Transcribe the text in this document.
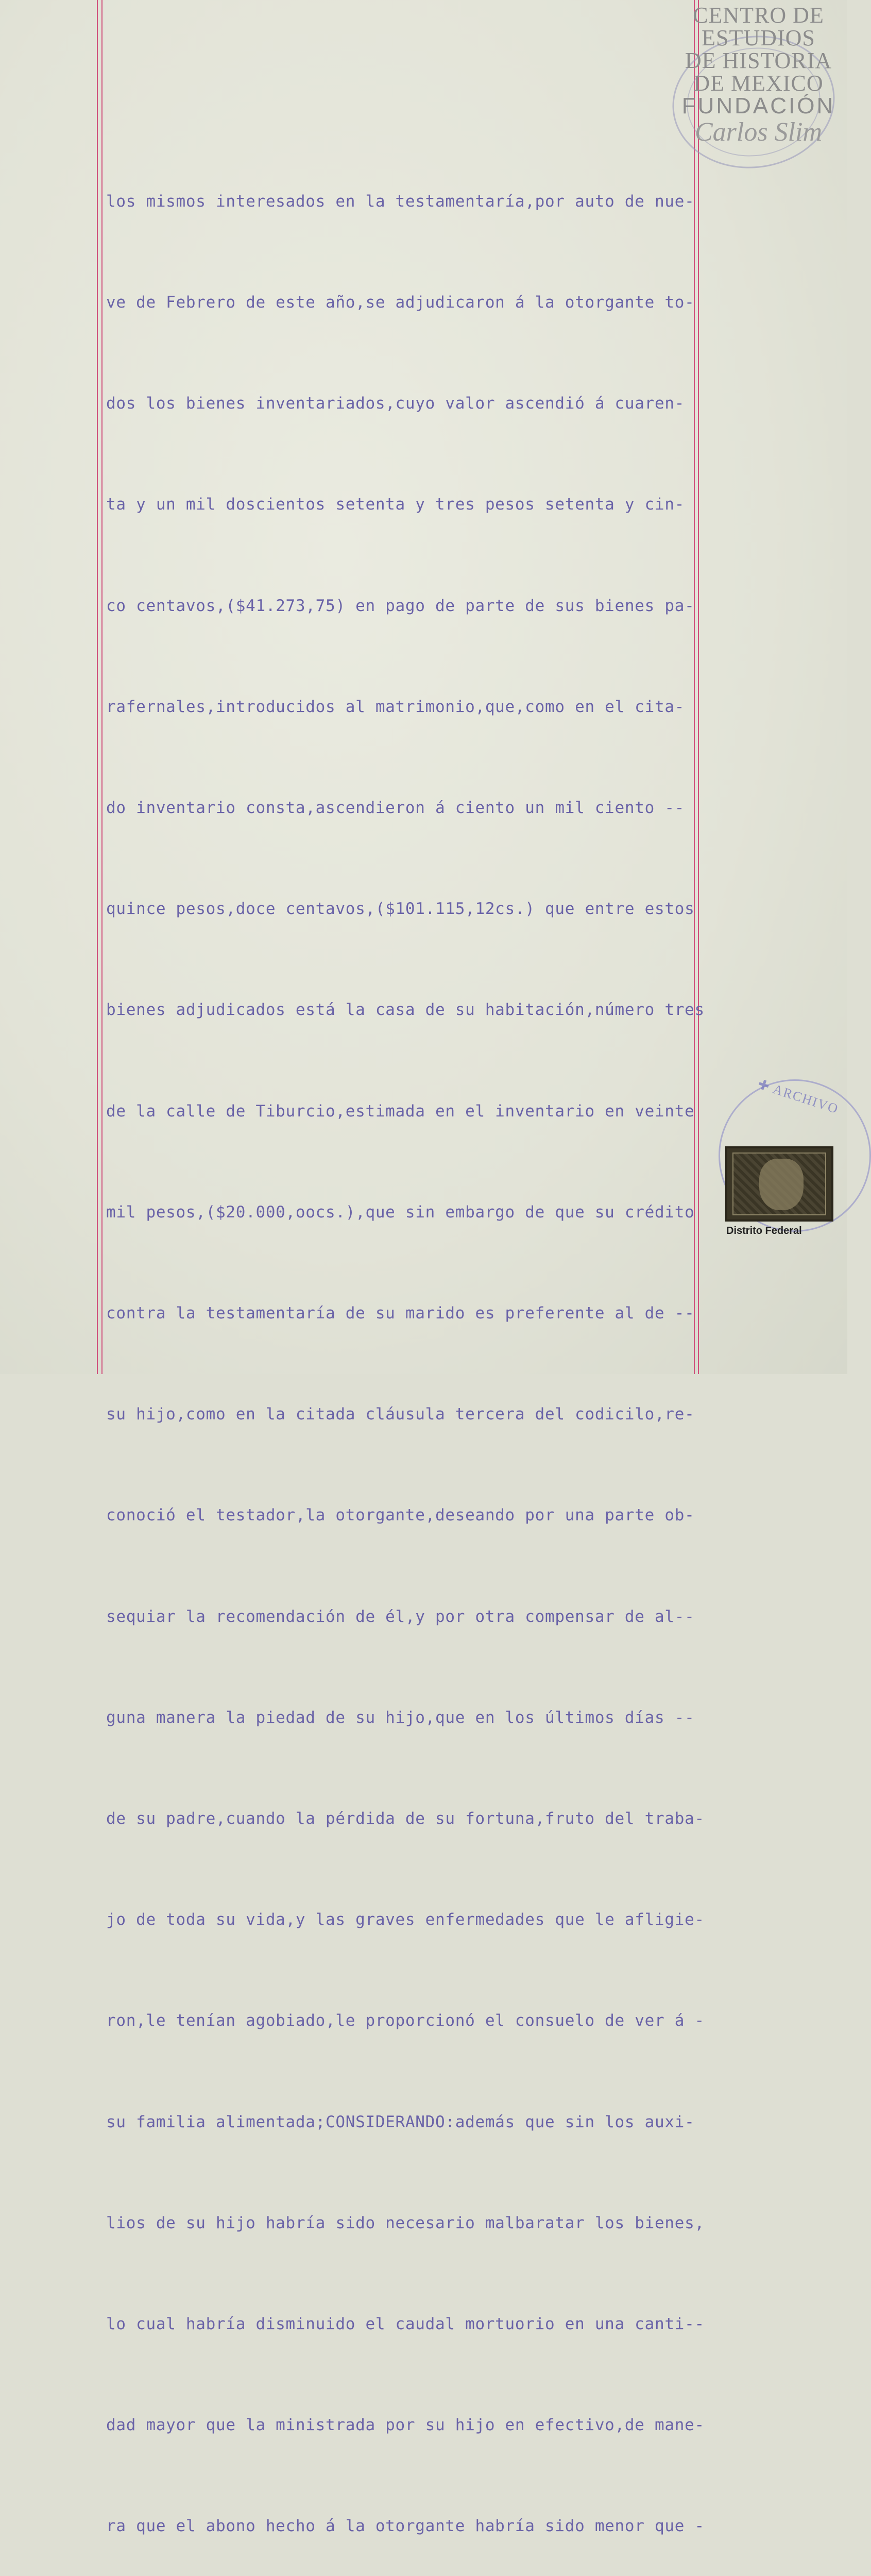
CENTRO DE
ESTUDIOS
DE HISTORIA
DE MEXICO
FUNDACIÓN
Carlos Slim

los mismos interesados en la testamentaría,por auto de nue-

ve de Febrero de este año,se adjudicaron á la otorgante to-

dos los bienes inventariados,cuyo valor ascendió á cuaren-

ta y un mil doscientos setenta y tres pesos setenta y cin-

co centavos,($41.273,75) en pago de parte de sus bienes pa-

rafernales,introducidos al matrimonio,que,como en el cita-

do inventario consta,ascendieron á ciento un mil ciento --

quince pesos,doce centavos,($101.115,12cs.) que entre estos

bienes adjudicados está la casa de su habitación,número tres

de la calle de Tiburcio,estimada en el inventario en veinte

mil pesos,($20.000,oocs.),que sin embargo de que su crédito

contra la testamentaría de su marido es preferente al de --

su hijo,como en la citada cláusula tercera del codicilo,re-

conoció el testador,la otorgante,deseando por una parte ob-

sequiar la recomendación de él,y por otra compensar de al--

guna manera la piedad de su hijo,que en los últimos días --

de su padre,cuando la pérdida de su fortuna,fruto del traba-

jo de toda su vida,y las graves enfermedades que le afligie-

ron,le tenían agobiado,le proporcionó el consuelo de ver á -

su familia alimentada;CONSIDERANDO:además que sin los auxi-

lios de su hijo habría sido necesario malbaratar los bienes,

lo cual habría disminuido el caudal mortuorio en una canti--

dad mayor que la ministrada por su hijo en efectivo,de mane-

ra que el abono hecho á la otorgante habría sido menor que -

✚ ARCHIVO
Distrito Federal
